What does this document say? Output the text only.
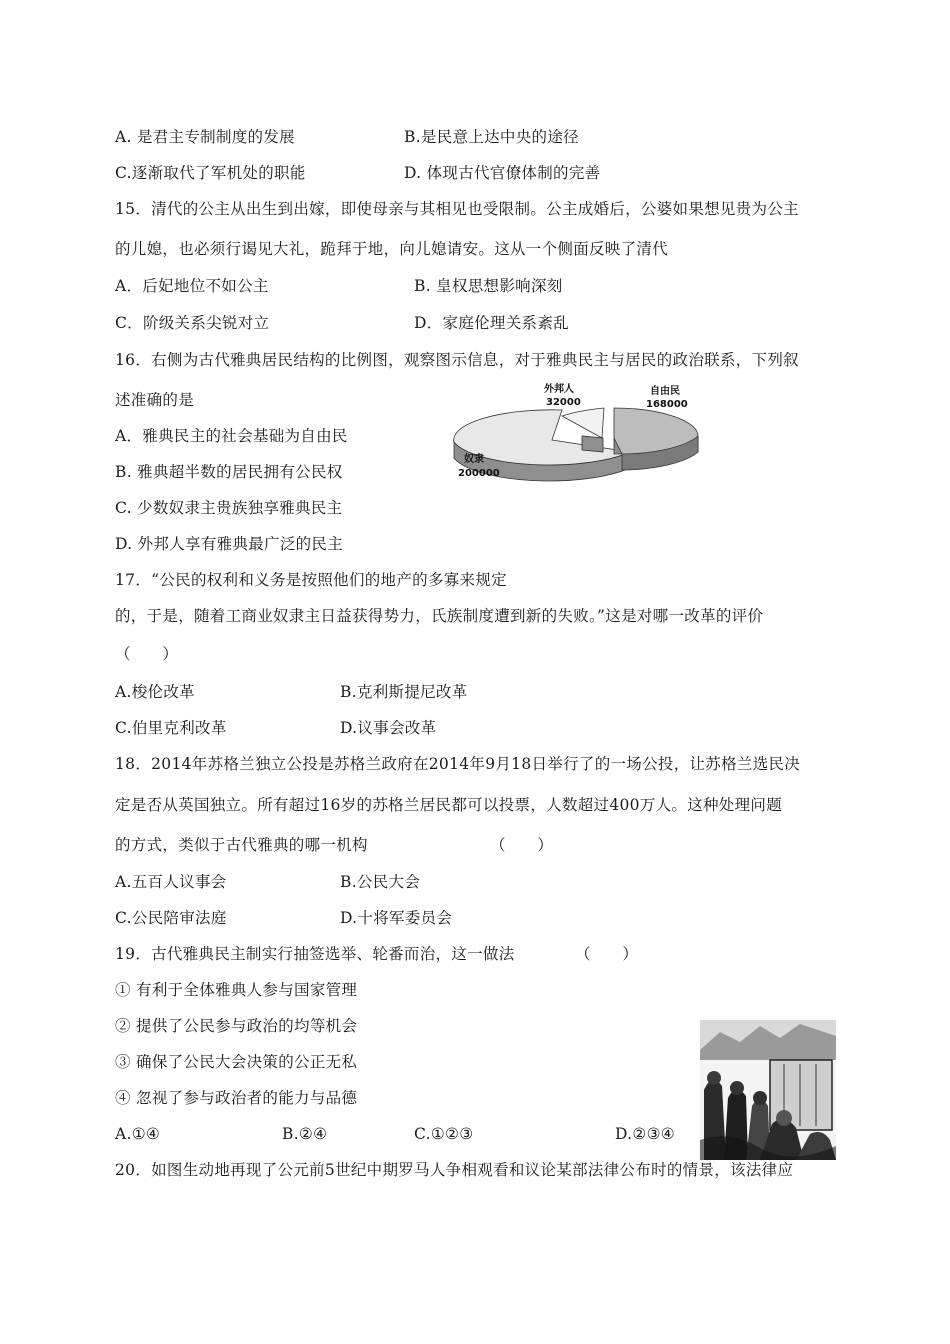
A. 是君主专制制度的发展	B.是民意上达中央的途径
C.逐渐取代了军机处的职能	D. 体现古代官僚体制的完善
15．清代的公主从出生到出嫁，即使母亲与其相见也受限制。公主成婚后，公婆如果想见贵为公主
的儿媳，也必须行谒见大礼，跪拜于地，向儿媳请安。这从一个侧面反映了清代
A．后妃地位不如公主	B. 皇权思想影响深刻
C．阶级关系尖锐对立	D．家庭伦理关系紊乱
16．右侧为古代雅典居民结构的比例图，观察图示信息，对于雅典民主与居民的政治联系，下列叙
述准确的是
A．雅典民主的社会基础为自由民
B. 雅典超半数的居民拥有公民权
C. 少数奴隶主贵族独享雅典民主
D. 外邦人享有雅典最广泛的民主
外邦人
32000
自由民
168000
奴隶
200000
17．“公民的权利和义务是按照他们的地产的多寡来规定
的，于是，随着工商业奴隶主日益获得势力，氏族制度遭到新的失败。”这是对哪一改革的评价
（　　）
A.梭伦改革	B.克利斯提尼改革
C.伯里克利改革	D.议事会改革
18．2014年苏格兰独立公投是苏格兰政府在2014年9月18日举行了的一场公投，让苏格兰选民决
定是否从英国独立。所有超过16岁的苏格兰居民都可以投票，人数超过400万人。这种处理问题
的方式，类似于古代雅典的哪一机构	（　　）
A.五百人议事会	B.公民大会
C.公民陪审法庭	D.十将军委员会
19．古代雅典民主制实行抽签选举、轮番而治，这一做法	（　　）
① 有利于全体雅典人参与国家管理
② 提供了公民参与政治的均等机会
③ 确保了公民大会决策的公正无私
④ 忽视了参与政治者的能力与品德
A.①④	B.②④	C.①②③	D.②③④
20．如图生动地再现了公元前5世纪中期罗马人争相观看和议论某部法律公布时的情景，该法律应
